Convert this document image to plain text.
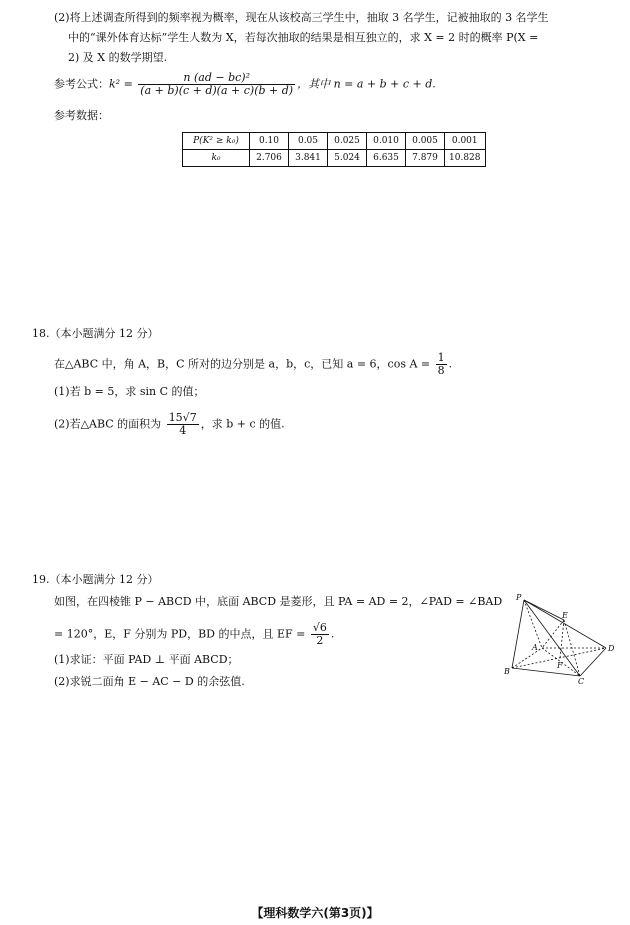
(2)将上述调查所得到的频率视为概率，现在从该校高三学生中，抽取 3 名学生，记被抽取的 3 名学生
中的“课外体育达标”学生人数为 X，若每次抽取的结果是相互独立的，求 X = 2 时的概率 P(X =
2) 及 X 的数学期望.
参考公式：$k^2 = \frac{\text{n (ad − bc)²}}{(a + b)(c + d)(a + c)(b + d)}$ ，其中 n = a + b + c + d.
参考数据：
P(K² ≥ k₀)	0.10	0.05	0.025	0.010	0.005	0.001
k₀	2.706	3.841	5.024	6.635	7.879	10.828
18.（本小题满分 12 分）
在△ABC 中，角 A，B，C 所对的边分别是 a，b，c，已知 a = 6，$\cos A = \frac{1}{8}$ .
(1)若 b = 5，求 sin C 的值；
(2)若△ABC 的面积为 $\frac{15√7}{4}$ ，求 b + c 的值.
19.（本小题满分 12 分）
如图，在四棱锥 P − ABCD 中，底面 ABCD 是菱形，且 PA = AD = 2，∠PAD = ∠BAD
= 120°，E，F 分别为 PD，BD 的中点，且 EF = $\frac{√6}{2}$ .
(1)求证：平面 PAD ⊥ 平面 ABCD；
(2)求锐二面角 E − AC − D 的余弦值.
P
E
A	D
F
B
C
【理科数学六(第3页)】
